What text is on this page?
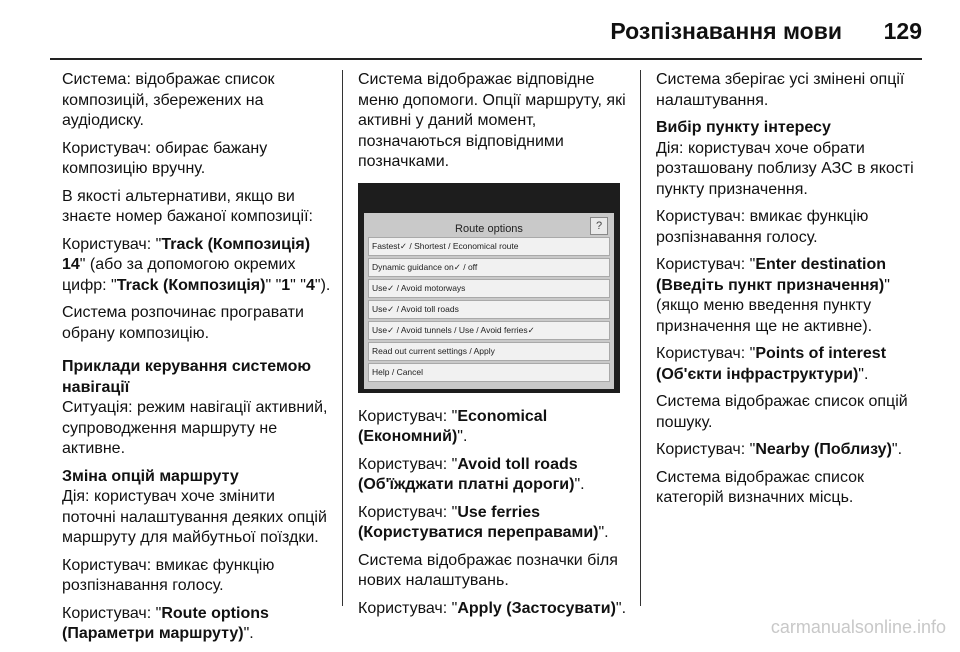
Розпізнавання мови 129

Система: відображає список композицій, збережених на аудіодиску.

Користувач: обирає бажану композицію вручну.

В якості альтернативи, якщо ви знаєте номер бажаної композиції:

Користувач: "Track (Композиція) 14" (або за допомогою окремих цифр: "Track (Композиція)" "1" "4").

Система розпочинає програвати обрану композицію.

Приклади керування системою навігації

Ситуація: режим навігації активний, супроводження маршруту не активне.

Зміна опцій маршруту

Дія: користувач хоче змінити поточні налаштування деяких опцій маршруту для майбутньої поїздки.

Користувач: вмикає функцію розпізнавання голосу.

Користувач: "Route options (Параметри маршруту)".

Система відображає відповідне меню допомоги. Опції маршруту, які активні у даний момент, позначаються відповідними позначками.

Route options	?
Fastest✓ / Shortest / Economical route
Dynamic guidance on✓ / off
Use✓ / Avoid motorways
Use✓ / Avoid toll roads
Use✓ / Avoid tunnels / Use / Avoid ferries✓
Read out current settings / Apply
Help / Cancel

Користувач: "Economical (Економний)".

Користувач: "Avoid toll roads (Об'їжджати платні дороги)".

Користувач: "Use ferries (Користуватися переправами)".

Система відображає позначки біля нових налаштувань.

Користувач: "Apply (Застосувати)".

Система зберігає усі змінені опції налаштування.

Вибір пункту інтересу

Дія: користувач хоче обрати розташовану поблизу АЗС в якості пункту призначення.

Користувач: вмикає функцію розпізнавання голосу.

Користувач: "Enter destination (Введіть пункт призначення)" (якщо меню введення пункту призначення ще не активне).

Користувач: "Points of interest (Об'єкти інфраструктури)".

Система відображає список опцій пошуку.

Користувач: "Nearby (Поблизу)".

Система відображає список категорій визначних місць.

carmanualsonline.info
